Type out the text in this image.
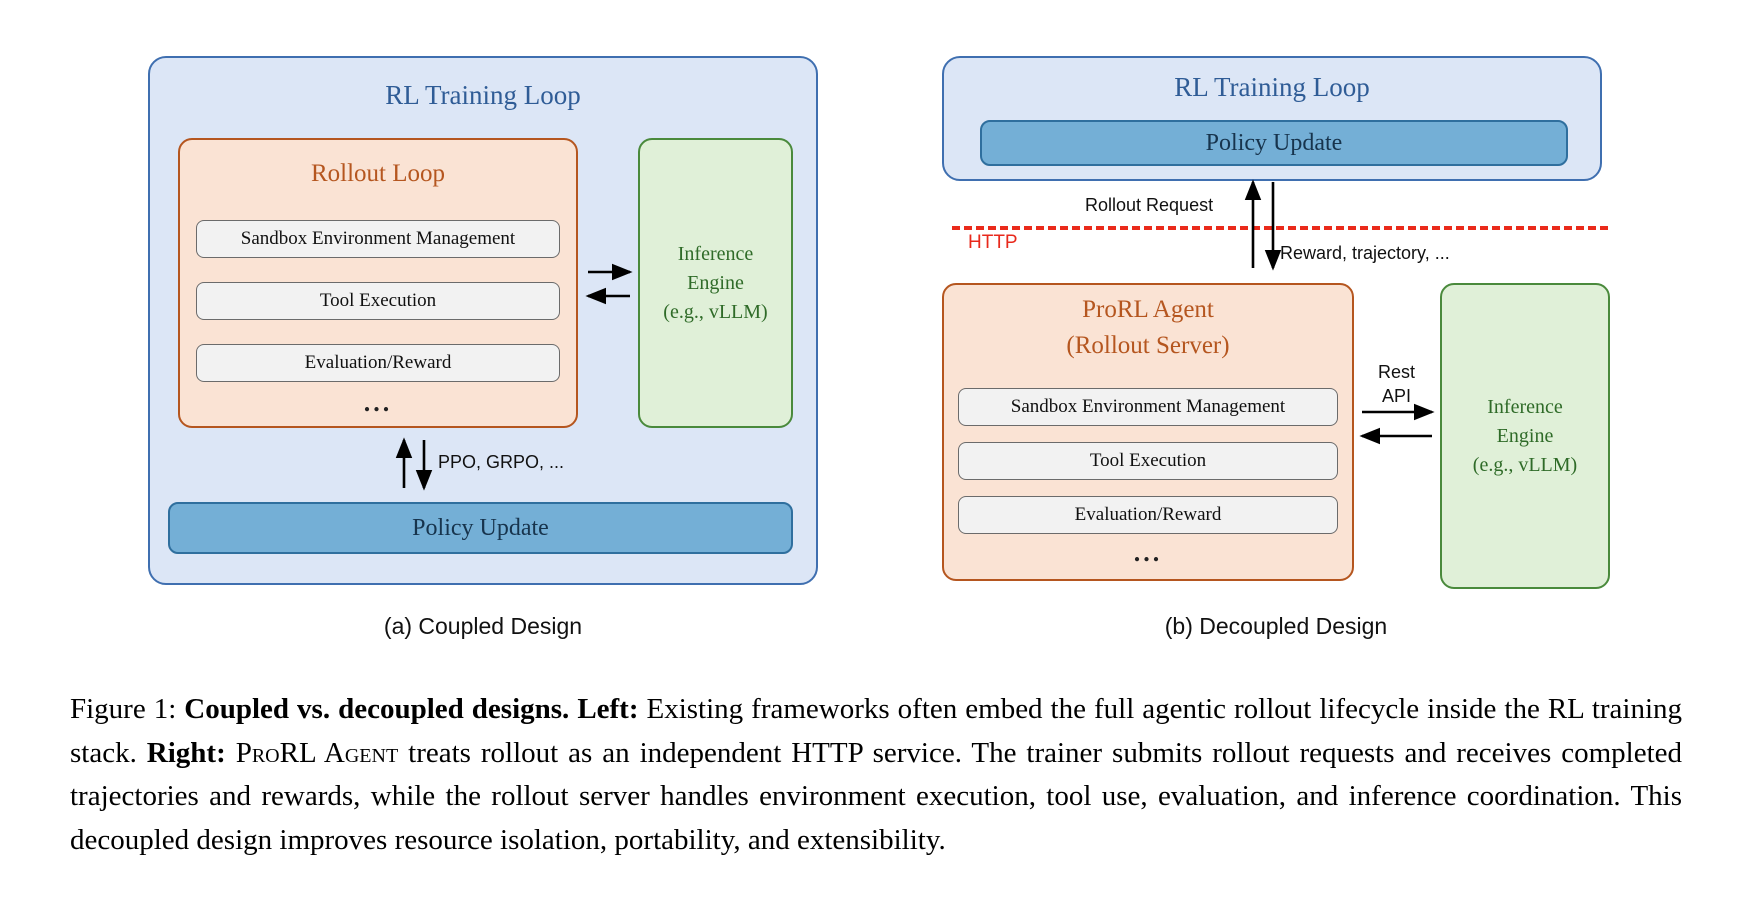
RL Training Loop
Rollout Loop
Sandbox Environment Management
Tool Execution
Evaluation/Reward
...
Inference
Engine
(e.g., vLLM)
Policy Update
PPO, GRPO, ...
(a) Coupled Design
RL Training Loop
Policy Update
HTTP
Rollout Request
Reward, trajectory, ...
ProRL Agent
(Rollout Server)
Sandbox Environment Management
Tool Execution
Evaluation/Reward
...
Rest
API	Inference
Engine
(e.g., vLLM)
(b) Decoupled Design
Figure 1: Coupled vs. decoupled designs. Left: Existing frameworks often embed the full agentic rollout lifecycle inside the RL training stack. Right: ProRL Agent treats rollout as an independent HTTP service. The trainer submits rollout requests and receives completed trajectories and rewards, while the rollout server handles environment execution, tool use, evaluation, and inference coordination. This decoupled design improves resource isolation, portability, and extensibility.
